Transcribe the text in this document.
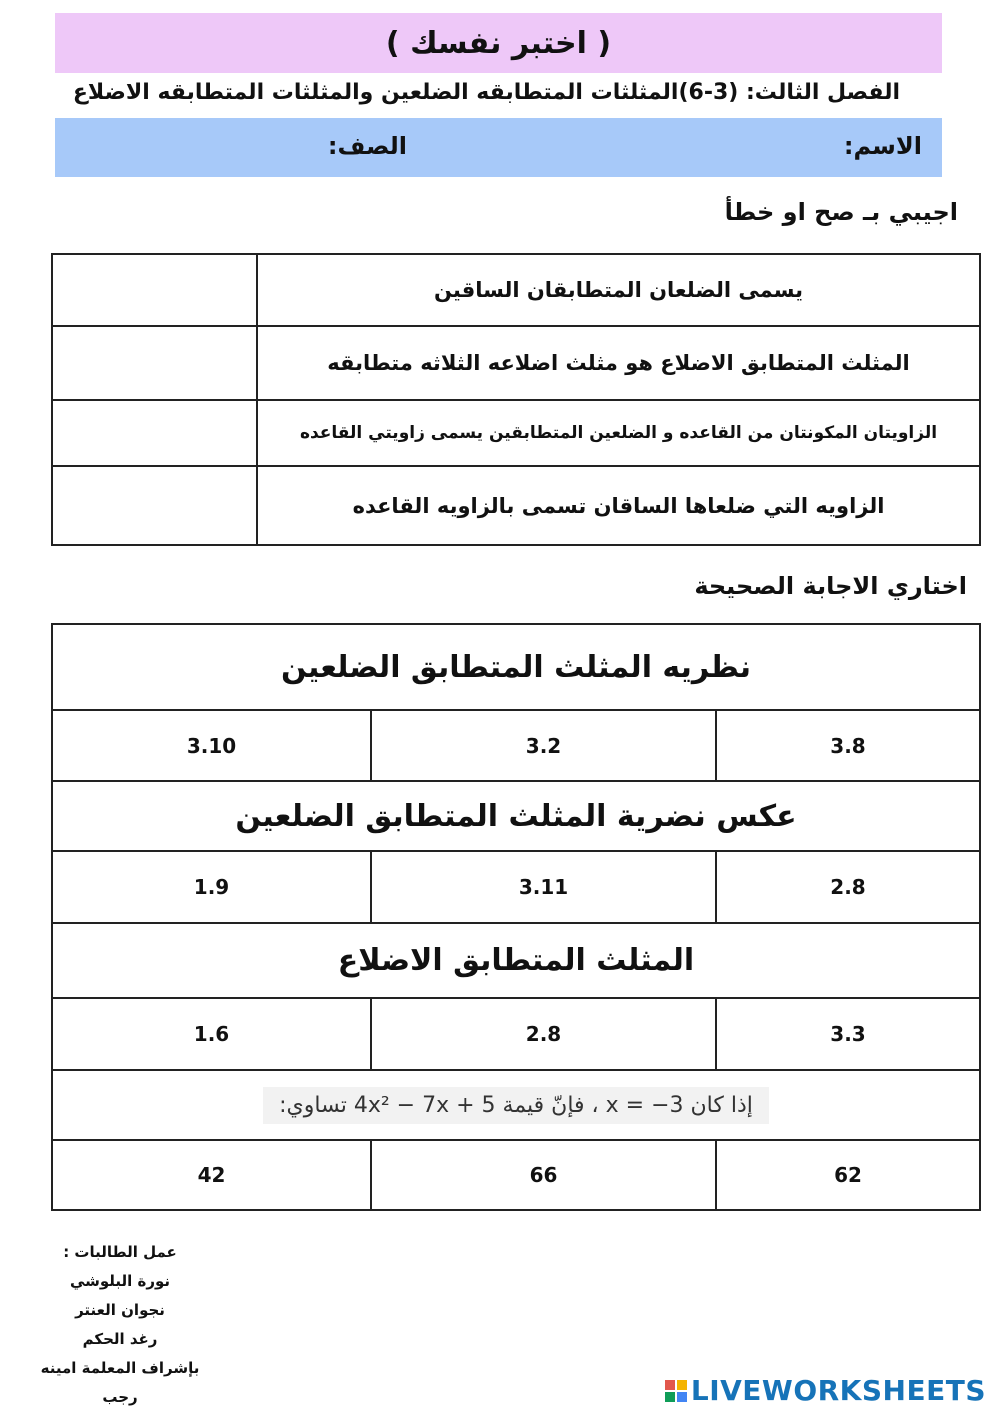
( اختبر نفسك )
الفصل الثالث: (3-6)المثلثات المتطابقه الضلعين والمثلثات المتطابقه الاضلاع
الاسم:
الصف:
اجيبي بـ صح او خطأ
	يسمى الضلعان المتطابقان الساقين
	المثلث المتطابق الاضلاع هو مثلث اضلاعه الثلاثه متطابقه
	الزاويتان المكونتان من القاعده و الضلعين المتطابقين يسمى زاويتي القاعده
	الزاويه التي ضلعاها الساقان تسمى بالزاويه القاعده
اختاري الاجابة الصحيحة
نظريه المثلث المتطابق الضلعين		
3.10	3.2	3.8
عكس نضرية المثلث المتطابق الضلعين		
1.9	3.11	2.8
المثلث المتطابق الاضلاع		
1.6	2.8	3.3
إذا كان x = −3 ، فإنّ قيمة 4x² − 7x + 5 تساوي:		
42	66	62
عمل الطالبات :
نورة البلوشي
نجوان العنتر
رغد الحكم
بإشراف المعلمة امينه رجب	LIVEWORKSHEETS
